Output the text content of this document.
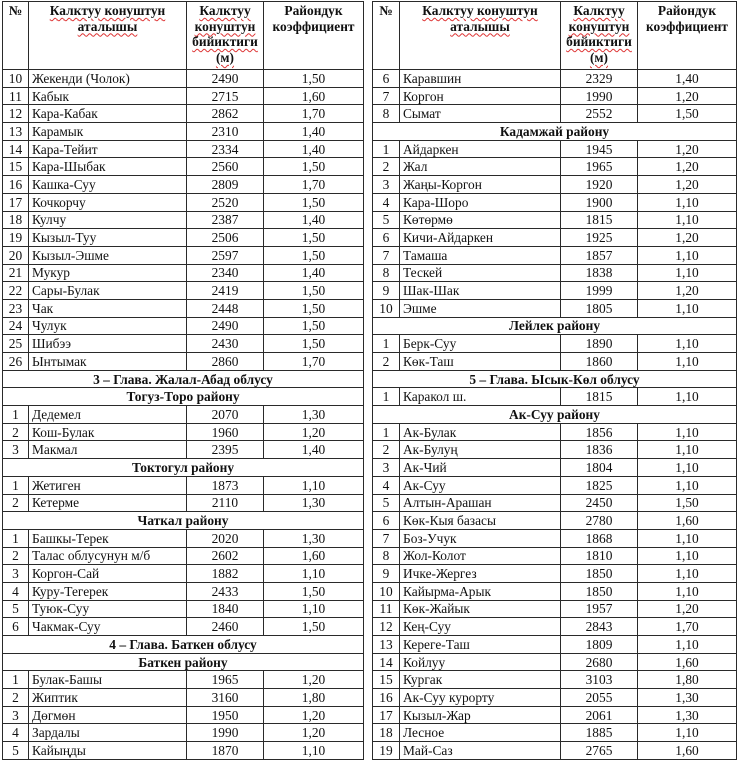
№	Калктуу конуштун аталышы	Калктуу конуштун бийиктиги (м)	Райондук коэффициент
10	Жекенди (Чолок)	2490	1,50
11	Кабык	2715	1,60
12	Кара-Кабак	2862	1,70
13	Карамык	2310	1,40
14	Кара-Тейит	2334	1,40
15	Кара-Шыбак	2560	1,50
16	Кашка-Суу	2809	1,70
17	Кочкорчу	2520	1,50
18	Кулчу	2387	1,40
19	Кызыл-Туу	2506	1,50
20	Кызыл-Эшме	2597	1,50
21	Мукур	2340	1,40
22	Сары-Булак	2419	1,50
23	Чак	2448	1,50
24	Чулук	2490	1,50
25	Шибээ	2430	1,50
26	Ынтымак	2860	1,70
3 – Глава. Жалал-Абад облусу			
Тогуз-Торо району			
1	Дедемел	2070	1,30
2	Кош-Булак	1960	1,20
3	Макмал	2395	1,40
Токтогул району			
1	Жетиген	1873	1,10
2	Кетерме	2110	1,30
Чаткал району			
1	Башкы-Терек	2020	1,30
2	Талас облусунун м/б	2602	1,60
3	Коргон-Сай	1882	1,10
4	Куру-Тегерек	2433	1,50
5	Туюк-Суу	1840	1,10
6	Чакмак-Суу	2460	1,50
4 – Глава. Баткен облусу			
Баткен району			
1	Булак-Башы	1965	1,20
2	Жиптик	3160	1,80
3	Дөгмөн	1950	1,20
4	Зардалы	1990	1,20
5	Кайыңды	1870	1,10
№	Калктуу конуштун аталышы	Калктуу конуштун бийиктиги (м)	Райондук коэффициент
6	Каравшин	2329	1,40
7	Коргон	1990	1,20
8	Сымат	2552	1,50
Кадамжай району			
1	Айдаркен	1945	1,20
2	Жал	1965	1,20
3	Жаңы-Коргон	1920	1,20
4	Кара-Шоро	1900	1,10
5	Көтөрмө	1815	1,10
6	Кичи-Айдаркен	1925	1,20
7	Тамаша	1857	1,10
8	Тескей	1838	1,10
9	Шак-Шак	1999	1,20
10	Эшме	1805	1,10
Лейлек району			
1	Берк-Суу	1890	1,10
2	Көк-Таш	1860	1,10
5 – Глава. Ысык-Көл облусу			
1	Каракол ш.	1815	1,10
Ак-Суу району			
1	Ак-Булак	1856	1,10
2	Ак-Булуң	1836	1,10
3	Ак-Чий	1804	1,10
4	Ак-Суу	1825	1,10
5	Алтын-Арашан	2450	1,50
6	Көк-Кыя базасы	2780	1,60
7	Боз-Учук	1868	1,10
8	Жол-Колот	1810	1,10
9	Ичке-Жергез	1850	1,10
10	Кайырма-Арык	1850	1,10
11	Көк-Жайык	1957	1,20
12	Кең-Суу	2843	1,70
13	Кереге-Таш	1809	1,10
14	Койлуу	2680	1,60
15	Кургак	3103	1,80
16	Ак-Суу курорту	2055	1,30
17	Кызыл-Жар	2061	1,30
18	Лесное	1885	1,10
19	Май-Саз	2765	1,60
